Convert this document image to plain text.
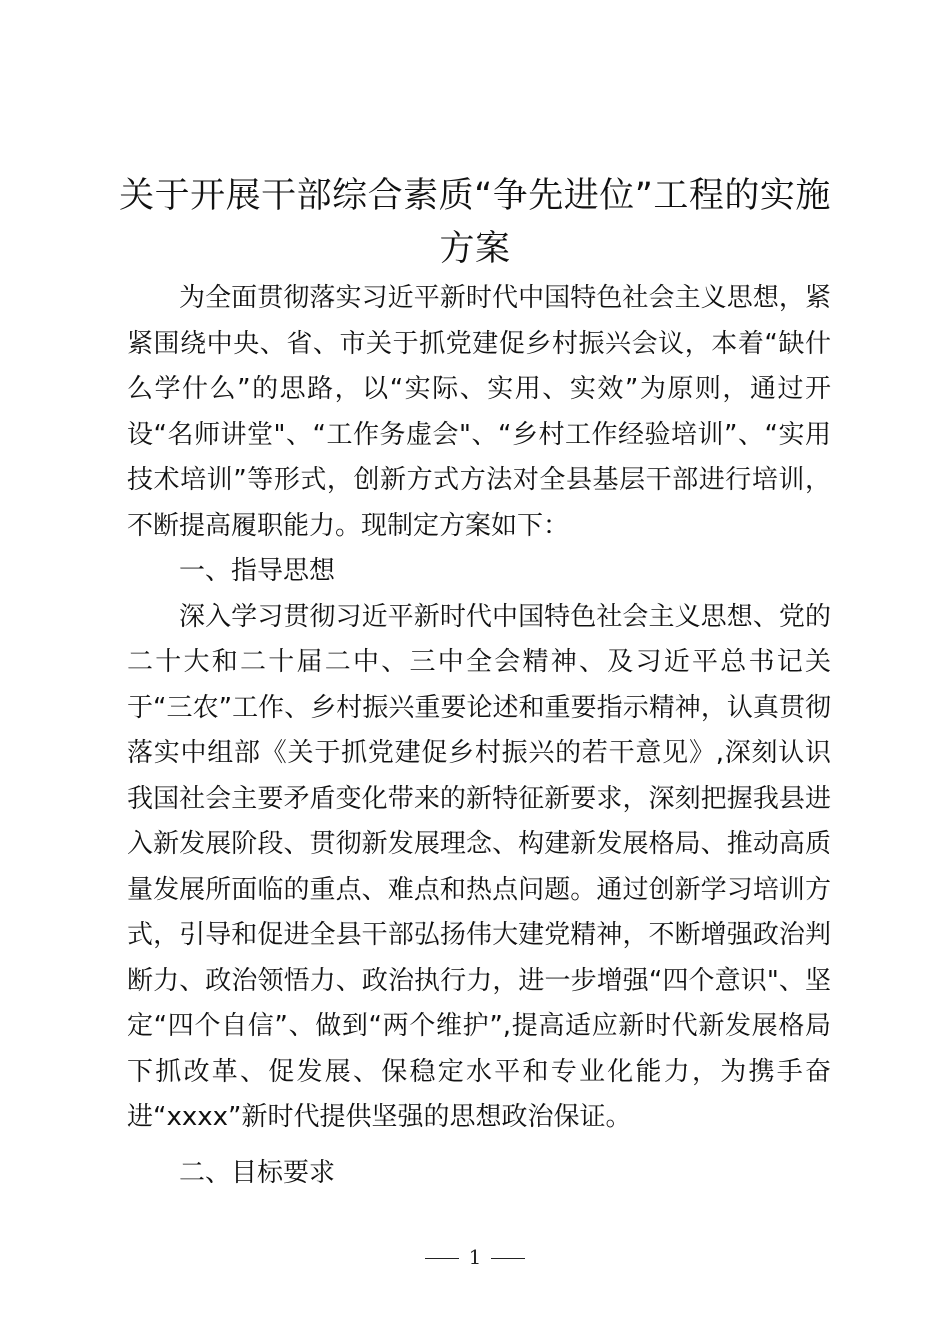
关于开展干部综合素质“争先进位”工程的实施方案

为全面贯彻落实习近平新时代中国特色社会主义思想，紧紧围绕中央、省、市关于抓党建促乡村振兴会议，本着“缺什么学什么”的思路，以“实际、实用、实效”为原则，通过开设“名师讲堂"、“工作务虚会"、“乡村工作经验培训”、“实用技术培训”等形式，创新方式方法对全县基层干部进行培训，不断提高履职能力。现制定方案如下：

一、指导思想

深入学习贯彻习近平新时代中国特色社会主义思想、党的二十大和二十届二中、三中全会精神、及习近平总书记关于“三农”工作、乡村振兴重要论述和重要指示精神，认真贯彻落实中组部《关于抓党建促乡村振兴的若干意见》,深刻认识我国社会主要矛盾变化带来的新特征新要求，深刻把握我县进入新发展阶段、贯彻新发展理念、构建新发展格局、推动高质量发展所面临的重点、难点和热点问题。通过创新学习培训方式，引导和促进全县干部弘扬伟大建党精神，不断增强政治判断力、政治领悟力、政治执行力，进一步增强“四个意识"、坚定“四个自信”、做到“两个维护”,提高适应新时代新发展格局下抓改革、促发展、保稳定水平和专业化能力，为携手奋进“xxxx”新时代提供坚强的思想政治保证。

二、目标要求

1
